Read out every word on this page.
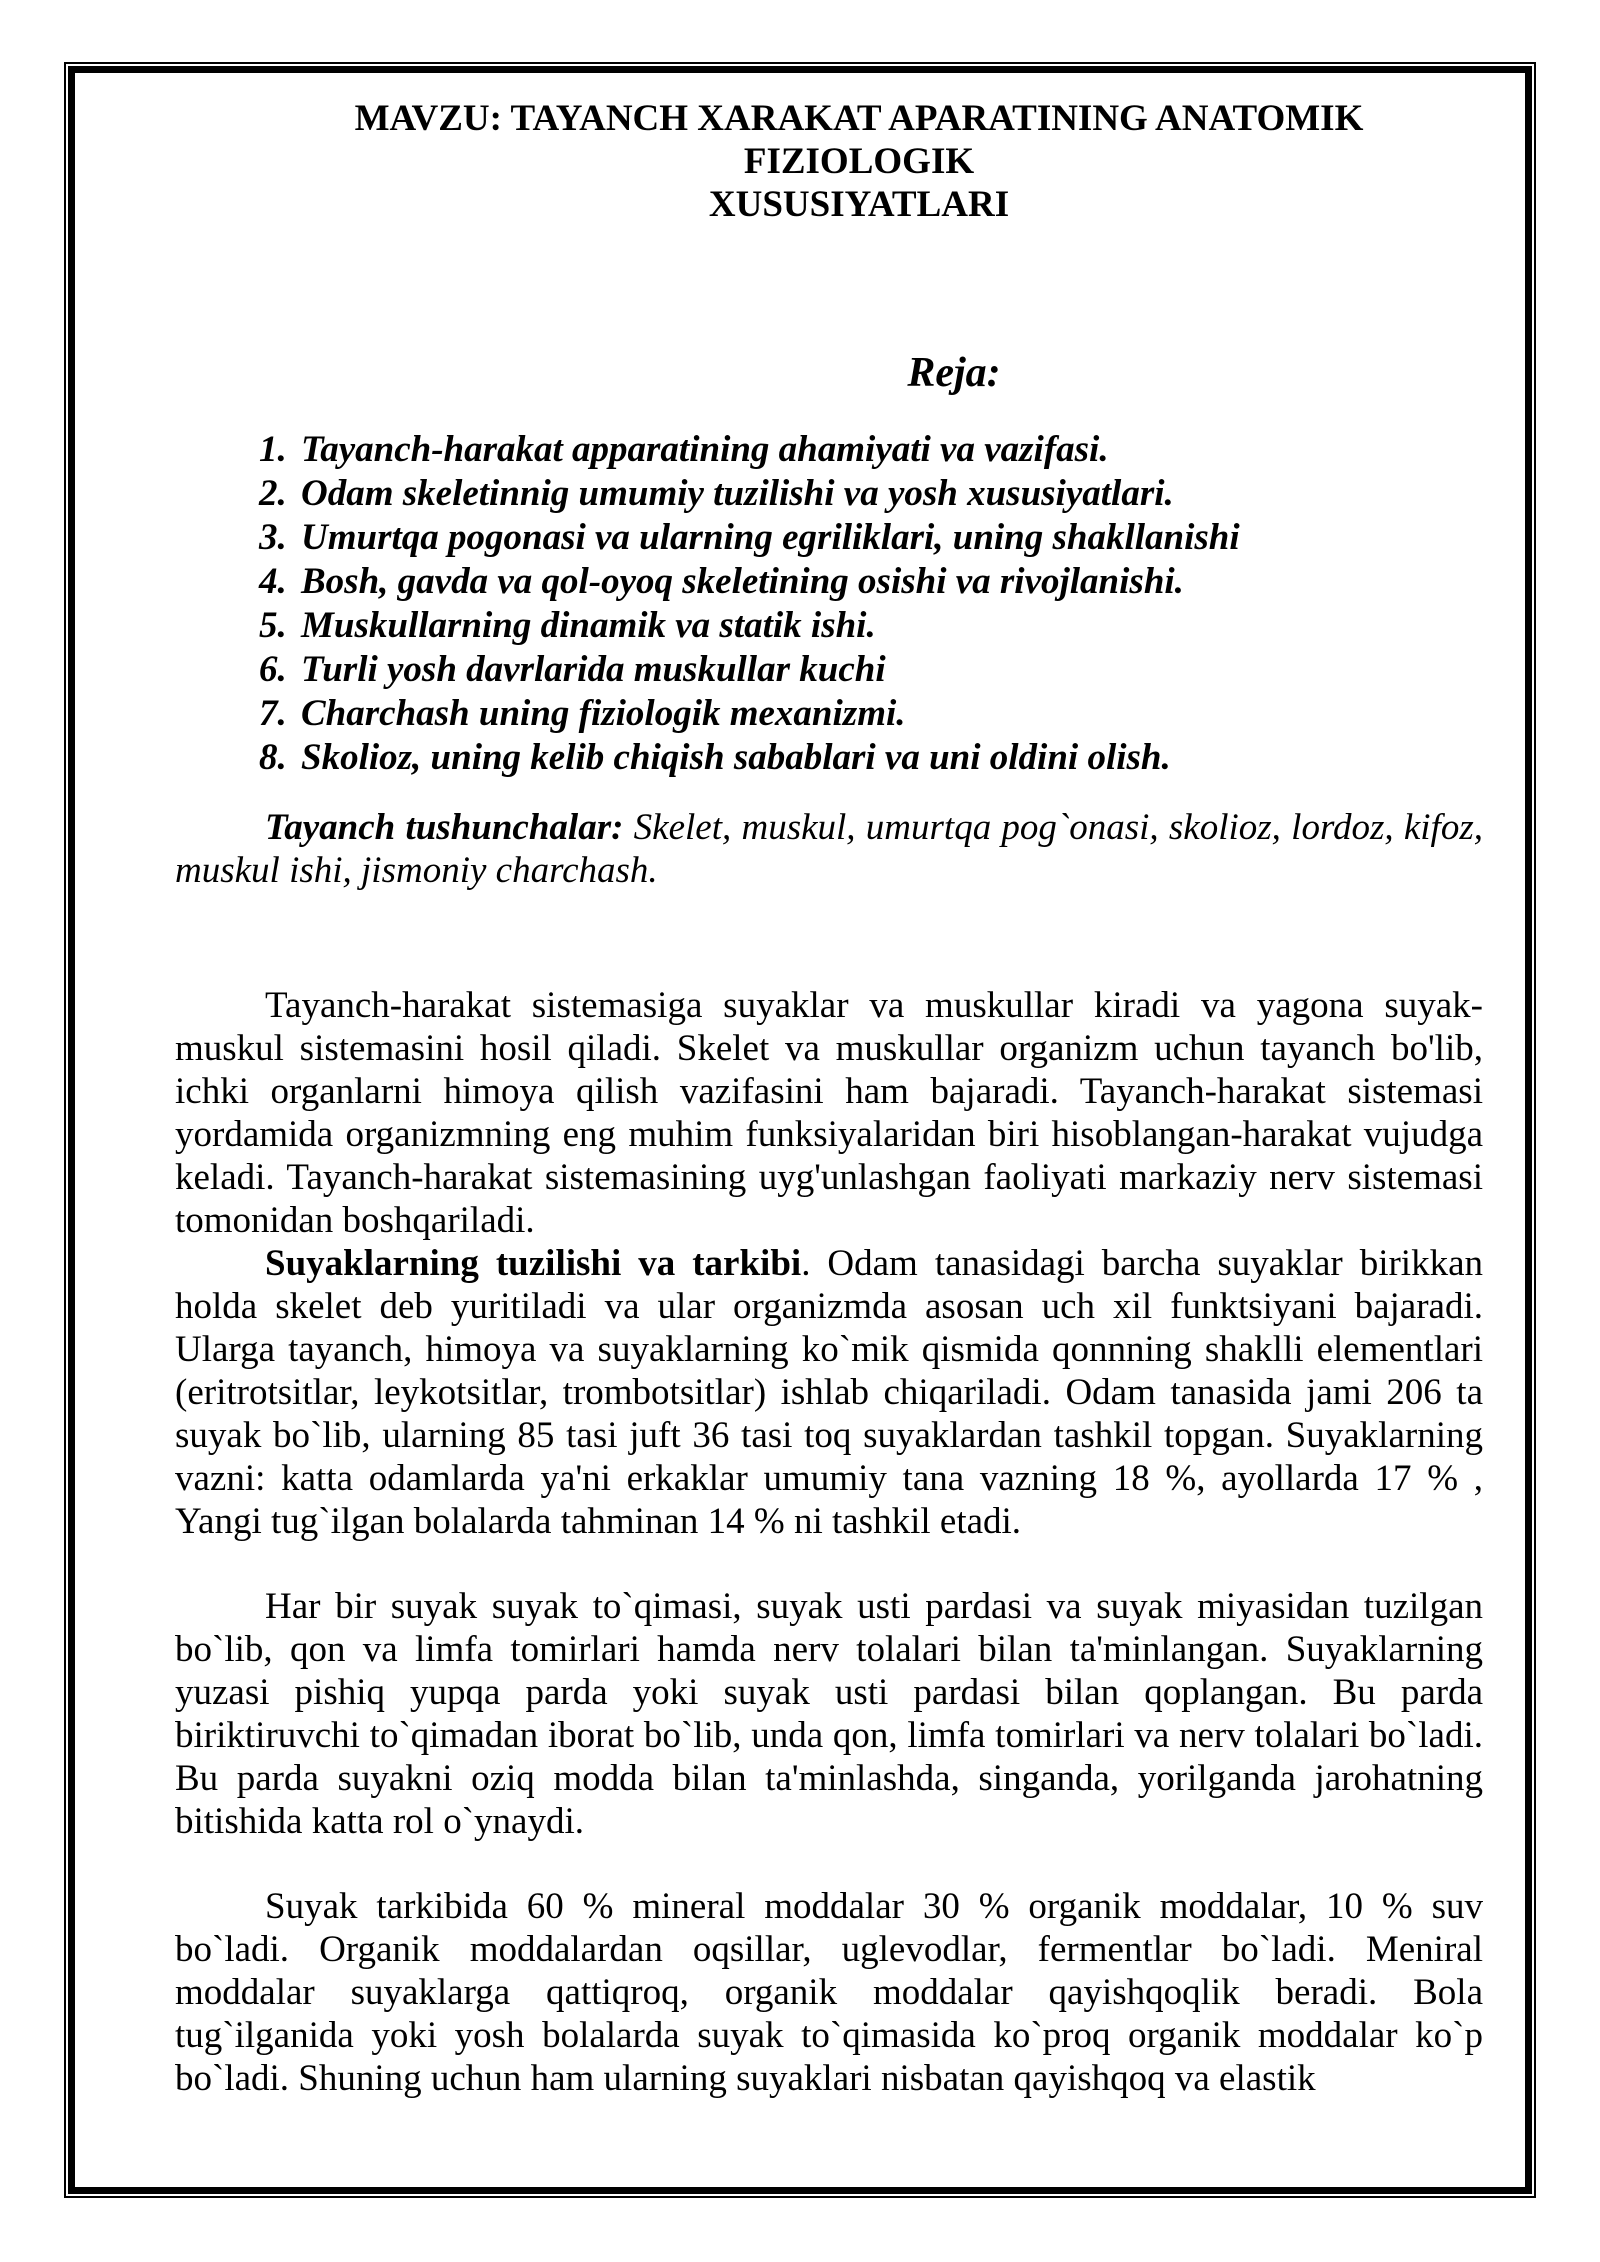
MAVZU: TAYANCH XARAKAT APARATINING ANATOMIK FIZIOLOGIK
XUSUSIYATLARI
Reja:
Tayanch-harakat apparatining ahamiyati va vazifasi.
Odam skeletinnig umumiy tuzilishi va yosh xususiyatlari.
Umurtqa pogonasi va ularning egriliklari, uning shakllanishi
Bosh, gavda va qol-oyoq skeletining osishi va rivojlanishi.
Muskullarning dinamik va statik ishi.
Turli yosh davrlarida muskullar kuchi
Charchash uning fiziologik mexanizmi.
Skolioz, uning kelib chiqish sabablari va uni oldini olish.

Tayanch tushunchalar: Skelet, muskul, umurtqa pog`onasi, skolioz, lordoz, kifoz, muskul ishi, jismoniy charchash.

Tayanch-harakat sistemasiga suyaklar va muskullar kiradi va yagona suyak-muskul sistemasini hosil qiladi. Skelet va muskullar organizm uchun tayanch bo'lib, ichki organlarni himoya qilish vazifasini ham bajaradi. Tayanch-harakat sistemasi yordamida organizmning eng muhim funksiyalaridan biri hisoblangan-harakat vujudga keladi. Tayanch-harakat sistemasining uyg'unlashgan faoliyati markaziy nerv sistemasi tomonidan boshqariladi.

Suyaklarning tuzilishi va tarkibi. Odam tanasidagi barcha suyaklar birikkan holda skelet deb yuritiladi va ular organizmda asosan uch xil funktsiyani bajaradi. Ularga tayanch, himoya va suyaklarning ko`mik qismida qonnning shaklli elementlari (eritrotsitlar, leykotsitlar, trombotsitlar) ishlab chiqariladi. Odam tanasida jami 206 ta suyak bo`lib, ularning 85 tasi juft 36 tasi toq suyaklardan tashkil topgan. Suyaklarning vazni: katta odamlarda ya'ni erkaklar umumiy tana vazning 18 %, ayollarda 17 % , Yangi tug`ilgan bolalarda tahminan 14 % ni tashkil etadi.

Har bir suyak suyak to`qimasi, suyak usti pardasi va suyak miyasidan tuzilgan bo`lib, qon va limfa tomirlari hamda nerv tolalari bilan ta'minlangan. Suyaklarning yuzasi pishiq yupqa parda yoki suyak usti pardasi bilan qoplangan. Bu parda biriktiruvchi to`qimadan iborat bo`lib, unda qon, limfa tomirlari va nerv tolalari bo`ladi. Bu parda suyakni oziq modda bilan ta'minlashda, singanda, yorilganda jarohatning bitishida katta rol o`ynaydi.

Suyak tarkibida 60 % mineral moddalar 30 % organik moddalar, 10 % suv bo`ladi. Organik moddalardan oqsillar, uglevodlar, fermentlar bo`ladi. Meniral moddalar suyaklarga qattiqroq, organik moddalar qayishqoqlik beradi. Bola tug`ilganida yoki yosh bolalarda suyak to`qimasida ko`proq organik moddalar ko`p bo`ladi. Shuning uchun ham ularning suyaklari nisbatan qayishqoq va elastik
